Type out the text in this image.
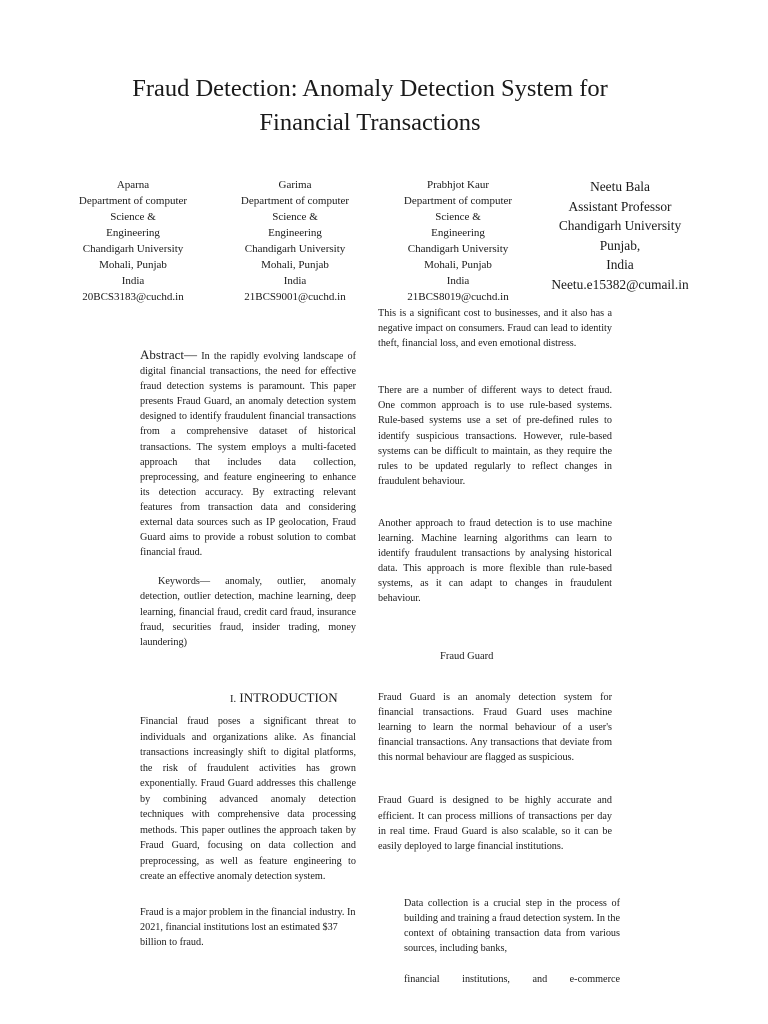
Fraud Detection: Anomaly Detection System for
Financial Transactions
Aparna
Department of computer
Science &
Engineering
Chandigarh University
Mohali, Punjab
India
20BCS3183@cuchd.in
Garima
Department of computer
Science &
Engineering
Chandigarh University
Mohali, Punjab
India
21BCS9001@cuchd.in
Prabhjot Kaur
Department of computer
Science &
Engineering
Chandigarh University
Mohali, Punjab
India
21BCS8019@cuchd.in
Neetu Bala
Assistant Professor
Chandigarh University
Punjab,
India
Neetu.e15382@cumail.in

Abstract— In the rapidly evolving landscape of digital financial transactions, the need for effective fraud detection systems is paramount. This paper presents Fraud Guard, an anomaly detection system designed to identify fraudulent financial transactions from a comprehensive dataset of historical transactions. The system employs a multi-faceted approach that includes data collection, preprocessing, and feature engineering to enhance its detection accuracy. By extracting relevant features from transaction data and considering external data sources such as IP geolocation, Fraud Guard aims to provide a robust solution to combat financial fraud.

Keywords— anomaly, outlier, anomaly detection, outlier detection, machine learning, deep learning, financial fraud, credit card fraud, insurance fraud, securities fraud, insider trading, money laundering)

I. INTRODUCTION

Financial fraud poses a significant threat to individuals and organizations alike. As financial transactions increasingly shift to digital platforms, the risk of fraudulent activities has grown exponentially. Fraud Guard addresses this challenge by combining advanced anomaly detection techniques with comprehensive data processing methods. This paper outlines the approach taken by Fraud Guard, focusing on data collection and preprocessing, as well as feature engineering to create an effective anomaly detection system.

Fraud is a major problem in the financial industry. In 2021, financial institutions lost an estimated $37 billion to fraud.

This is a significant cost to businesses, and it also has a negative impact on consumers. Fraud can lead to identity theft, financial loss, and even emotional distress.

There are a number of different ways to detect fraud. One common approach is to use rule-based systems. Rule-based systems use a set of pre-defined rules to identify suspicious transactions. However, rule-based systems can be difficult to maintain, as they require the rules to be updated regularly to reflect changes in fraudulent behaviour.

Another approach to fraud detection is to use machine learning. Machine learning algorithms can learn to identify fraudulent transactions by analysing historical data. This approach is more flexible than rule-based systems, as it can adapt to changes in fraudulent behaviour.

Fraud Guard

Fraud Guard is an anomaly detection system for financial transactions. Fraud Guard uses machine learning to learn the normal behaviour of a user's financial transactions. Any transactions that deviate from this normal behaviour are flagged as suspicious.

Fraud Guard is designed to be highly accurate and efficient. It can process millions of transactions per day in real time. Fraud Guard is also scalable, so it can be easily deployed to large financial institutions.

Data collection is a crucial step in the process of building and training a fraud detection system. In the context of obtaining transaction data from various sources, including banks,

financial institutions, and e-commerce
